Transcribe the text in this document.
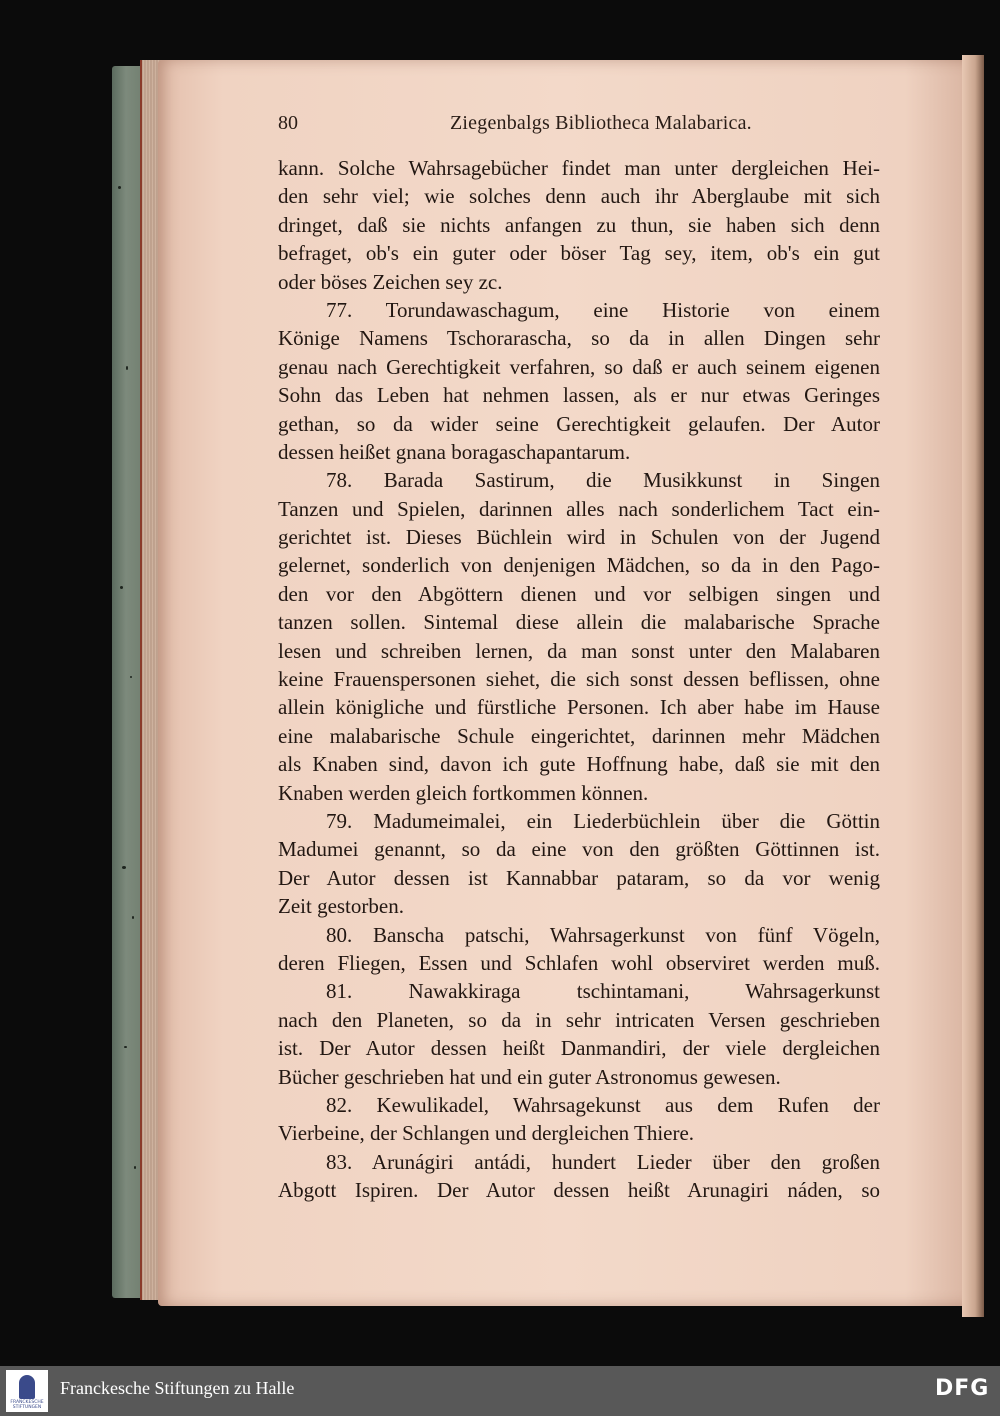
80	Ziegenbalgs Bibliotheca Malabarica.
kann. Solche Wahrsagebücher findet man unter dergleichen Hei-
den sehr viel; wie solches denn auch ihr Aberglaube mit sich
dringet, daß sie nichts anfangen zu thun, sie haben sich denn
befraget, ob's ein guter oder böser Tag sey, item, ob's ein gut
oder böses Zeichen sey zc.
77. Torundawaschagum, eine Historie von einem
Könige Namens Tschorarascha, so da in allen Dingen sehr
genau nach Gerechtigkeit verfahren, so daß er auch seinem eigenen
Sohn das Leben hat nehmen lassen, als er nur etwas Geringes
gethan, so da wider seine Gerechtigkeit gelaufen. Der Autor
dessen heißet gnana boragaschapantarum.
78. Barada Sastirum, die Musikkunst in Singen
Tanzen und Spielen, darinnen alles nach sonderlichem Tact ein-
gerichtet ist. Dieses Büchlein wird in Schulen von der Jugend
gelernet, sonderlich von denjenigen Mädchen, so da in den Pago-
den vor den Abgöttern dienen und vor selbigen singen und
tanzen sollen. Sintemal diese allein die malabarische Sprache
lesen und schreiben lernen, da man sonst unter den Malabaren
keine Frauenspersonen siehet, die sich sonst dessen beflissen, ohne
allein königliche und fürstliche Personen. Ich aber habe im Hause
eine malabarische Schule eingerichtet, darinnen mehr Mädchen
als Knaben sind, davon ich gute Hoffnung habe, daß sie mit den
Knaben werden gleich fortkommen können.
79. Madumeimalei, ein Liederbüchlein über die Göttin
Madumei genannt, so da eine von den größten Göttinnen ist.
Der Autor dessen ist Kannabbar pataram, so da vor wenig
Zeit gestorben.
80. Banscha patschi, Wahrsagerkunst von fünf Vögeln,
deren Fliegen, Essen und Schlafen wohl observiret werden muß.
81. Nawakkiraga tschintamani, Wahrsagerkunst
nach den Planeten, so da in sehr intricaten Versen geschrieben
ist. Der Autor dessen heißt Danmandiri, der viele dergleichen
Bücher geschrieben hat und ein guter Astronomus gewesen.
82. Kewulikadel, Wahrsagekunst aus dem Rufen der
Vierbeine, der Schlangen und dergleichen Thiere.
83. Arunágiri antádi, hundert Lieder über den großen
Abgott Ispiren. Der Autor dessen heißt Arunagiri náden, so
FRANCKESCHE STIFTUNGEN
Franckesche Stiftungen zu Halle	DFG
